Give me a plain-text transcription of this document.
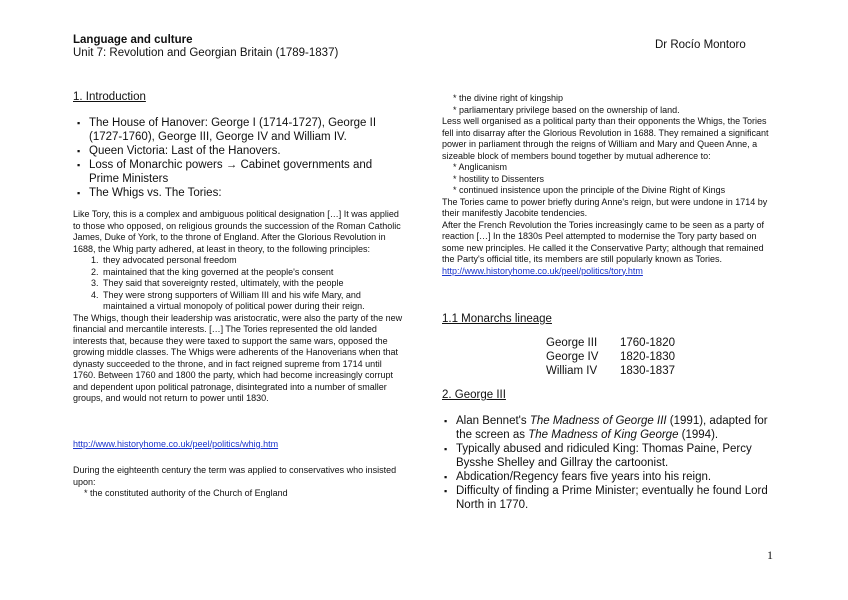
Language and culture
Unit 7: Revolution and Georgian Britain (1789-1837)
Dr Rocío Montoro
1. Introduction
▪ The House of Hanover: George I (1714-1727), George II (1727-1760), George III, George IV and William IV.
▪ Queen Victoria: Last of the Hanovers.
▪ Loss of Monarchic powers → Cabinet governments and Prime Ministers
▪ The Whigs vs. The Tories:
Like Tory, this is a complex and ambiguous political designation […] It was applied to those who opposed, on religious grounds the succession of the Roman Catholic James, Duke of York, to the throne of England. After the Glorious Revolution in 1688, the Whig party adhered, at least in theory, to the following principles:
1. they advocated personal freedom
2. maintained that the king governed at the people's consent
3. They said that sovereignty rested, ultimately, with the people
4. They were strong supporters of William III and his wife Mary, and maintained a virtual monopoly of political power during their reign.
The Whigs, though their leadership was aristocratic, were also the party of the new financial and mercantile interests. […] The Tories represented the old landed interests that, because they were taxed to support the same wars, opposed the growing middle classes. The Whigs were adherents of the Hanoverians when that dynasty succeeded to the throne, and in fact reigned supreme from 1714 until 1760. Between 1760 and 1800 the party, which had become increasingly corrupt and dependent upon political patronage, disintegrated into a number of smaller groups, and would not return to power until 1830.
http://www.historyhome.co.uk/peel/politics/whig.htm
During the eighteenth century the term was applied to conservatives who insisted upon:
* the constituted authority of the Church of England
* the divine right of kingship
* parliamentary privilege based on the ownership of land.
Less well organised as a political party than their opponents the Whigs, the Tories fell into disarray after the Glorious Revolution in 1688. They remained a significant power in parliament through the reigns of William and Mary and Queen Anne, a sizeable block of members bound together by mutual adherence to:
* Anglicanism
* hostility to Dissenters
* continued insistence upon the principle of the Divine Right of Kings
The Tories came to power briefly during Anne's reign, but were undone in 1714 by their manifestly Jacobite tendencies.
After the French Revolution the Tories increasingly came to be seen as a party of reaction […] In the 1830s Peel attempted to modernise the Tory party based on some new principles. He called it the Conservative Party; although that remained the Party's official title, its members are still popularly known as Tories.
http://www.historyhome.co.uk/peel/politics/tory.htm
1.1 Monarchs lineage
George III	1760-1820
George IV	1820-1830
William IV	1830-1837
2. George III
▪ Alan Bennet's The Madness of George III (1991), adapted for the screen as The Madness of King George (1994).
▪ Typically abused and ridiculed King: Thomas Paine, Percy Bysshe Shelley and Gillray the cartoonist.
▪ Abdication/Regency fears five years into his reign.
▪ Difficulty of finding a Prime Minister; eventually he found Lord North in 1770.
1
